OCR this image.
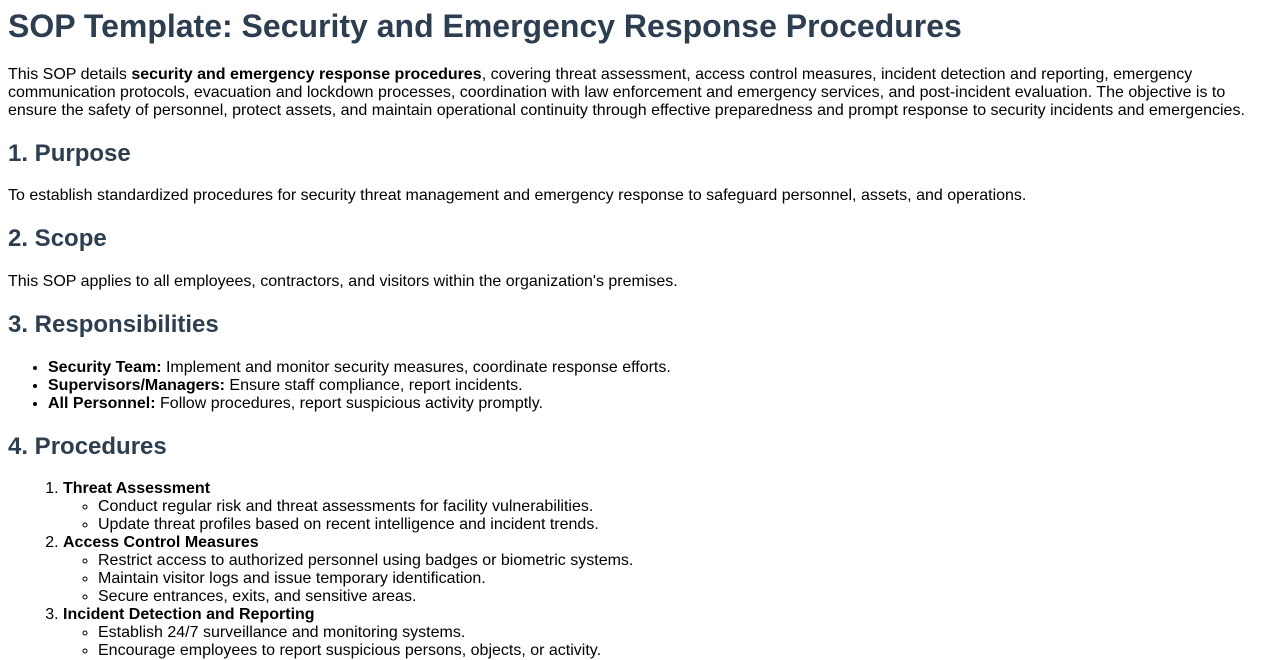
SOP Template: Security and Emergency Response Procedures

This SOP details security and emergency response procedures, covering threat assessment, access control measures, incident detection and reporting, emergency communication protocols, evacuation and lockdown processes, coordination with law enforcement and emergency services, and post-incident evaluation. The objective is to ensure the safety of personnel, protect assets, and maintain operational continuity through effective preparedness and prompt response to security incidents and emergencies.

1. Purpose

To establish standardized procedures for security threat management and emergency response to safeguard personnel, assets, and operations.

2. Scope

This SOP applies to all employees, contractors, and visitors within the organization's premises.

3. Responsibilities
• Security Team: Implement and monitor security measures, coordinate response efforts.
• Supervisors/Managers: Ensure staff compliance, report incidents.
• All Personnel: Follow procedures, report suspicious activity promptly.
4. Procedures
1. Threat Assessment
◦ Conduct regular risk and threat assessments for facility vulnerabilities.
◦ Update threat profiles based on recent intelligence and incident trends.
2. Access Control Measures
◦ Restrict access to authorized personnel using badges or biometric systems.
◦ Maintain visitor logs and issue temporary identification.
◦ Secure entrances, exits, and sensitive areas.
3. Incident Detection and Reporting
◦ Establish 24/7 surveillance and monitoring systems.
◦ Encourage employees to report suspicious persons, objects, or activity.
